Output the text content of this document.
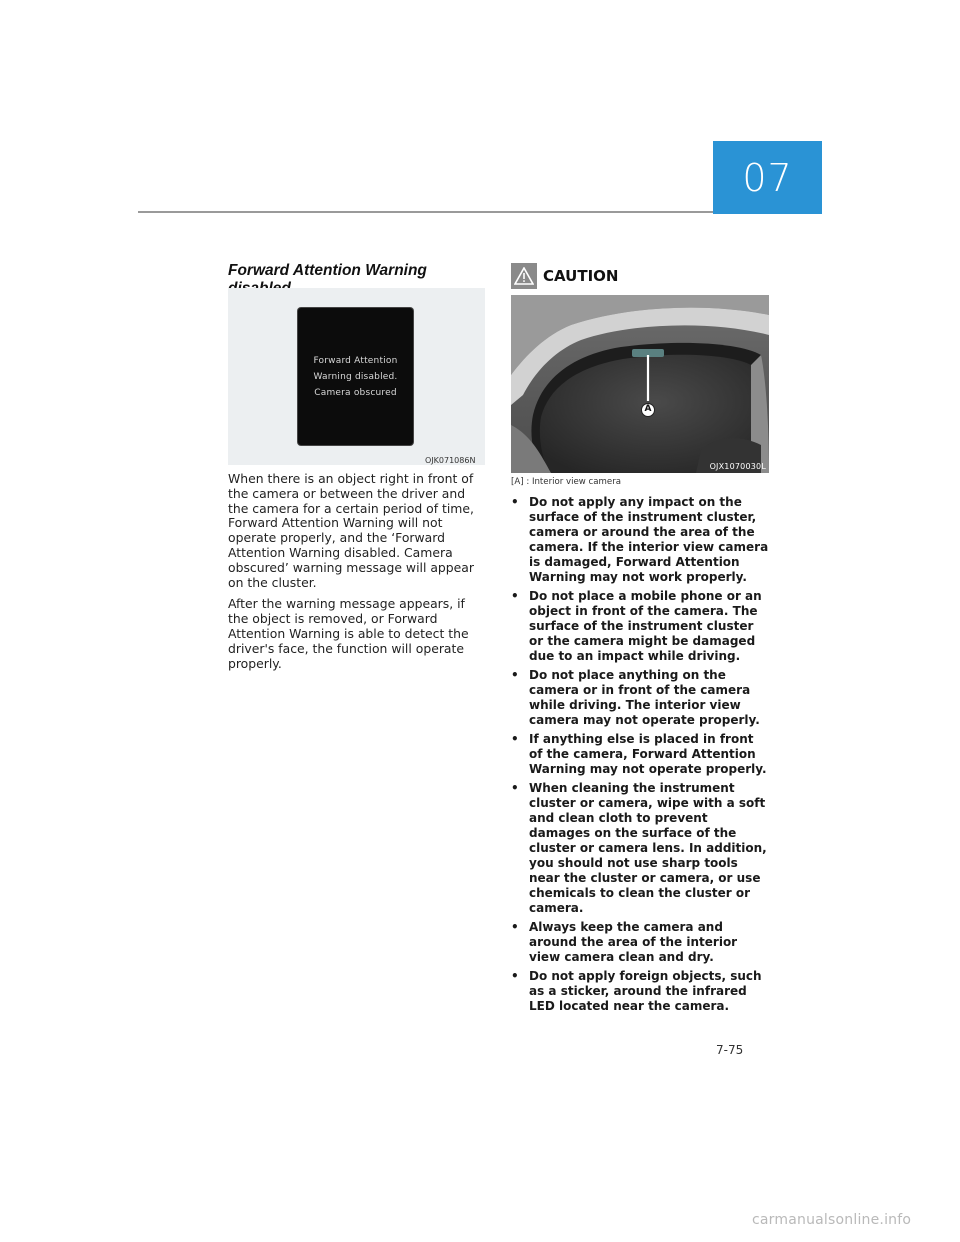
07
Forward Attention Warning
Forward Attention
Warning disabled.
Camera obscured
OJK071086N

When there is an object right in front of the camera or between the driver and the camera for a certain period of time, Forward Attention Warning will not operate properly, and the ‘Forward Attention Warning disabled. Camera obscured’ warning message will appear on the cluster.

After the warning message appears, if the object is removed, or Forward Attention Warning is able to detect the driver's face, the function will operate properly.

CAUTION
A
OJX1070030L
[A] : Interior view camera
• Do not apply any impact on the surface of the instrument cluster, camera or around the area of the camera. If the interior view camera is damaged, Forward Attention Warning may not work properly.
• Do not place a mobile phone or an object in front of the camera. The surface of the instrument cluster or the camera might be damaged due to an impact while driving.
• Do not place anything on the camera or in front of the camera while driving. The interior view camera may not operate properly.
• If anything else is placed in front of the camera, Forward Attention Warning may not operate properly.
• When cleaning the instrument cluster or camera, wipe with a soft and clean cloth to prevent damages on the surface of the cluster or camera lens. In addition, you should not use sharp tools near the cluster or camera, or use chemicals to clean the cluster or camera.
• Always keep the camera and around the area of the interior view camera clean and dry.
• Do not apply foreign objects, such as a sticker, around the infrared LED located near the camera.
7-75
carmanualsonline.info
